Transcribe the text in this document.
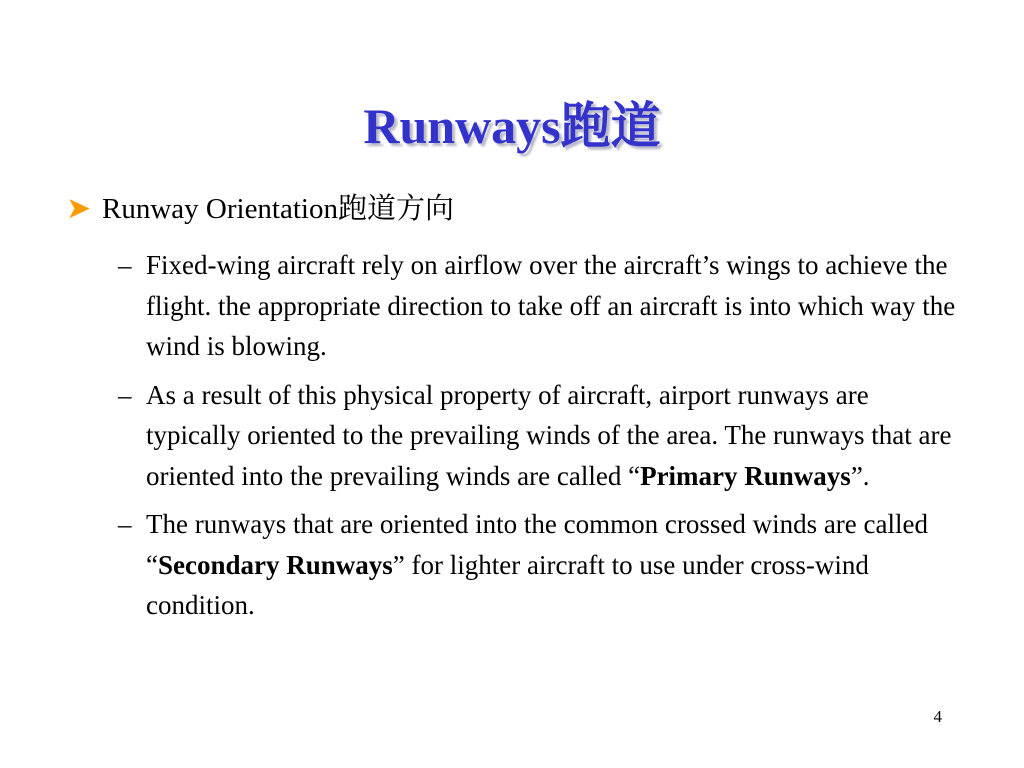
Runways跑道
➤ Runway Orientation跑道方向
– Fixed-wing aircraft rely on airflow over the aircraft’s wings to achieve the flight. the appropriate direction to take off an aircraft is into which way the wind is blowing.
– As a result of this physical property of aircraft, airport runways are typically oriented to the prevailing winds of the area. The runways that are oriented into the prevailing winds are called “Primary Runways”.
– The runways that are oriented into the common crossed winds are called “Secondary Runways” for lighter aircraft to use under cross-wind condition.
4
